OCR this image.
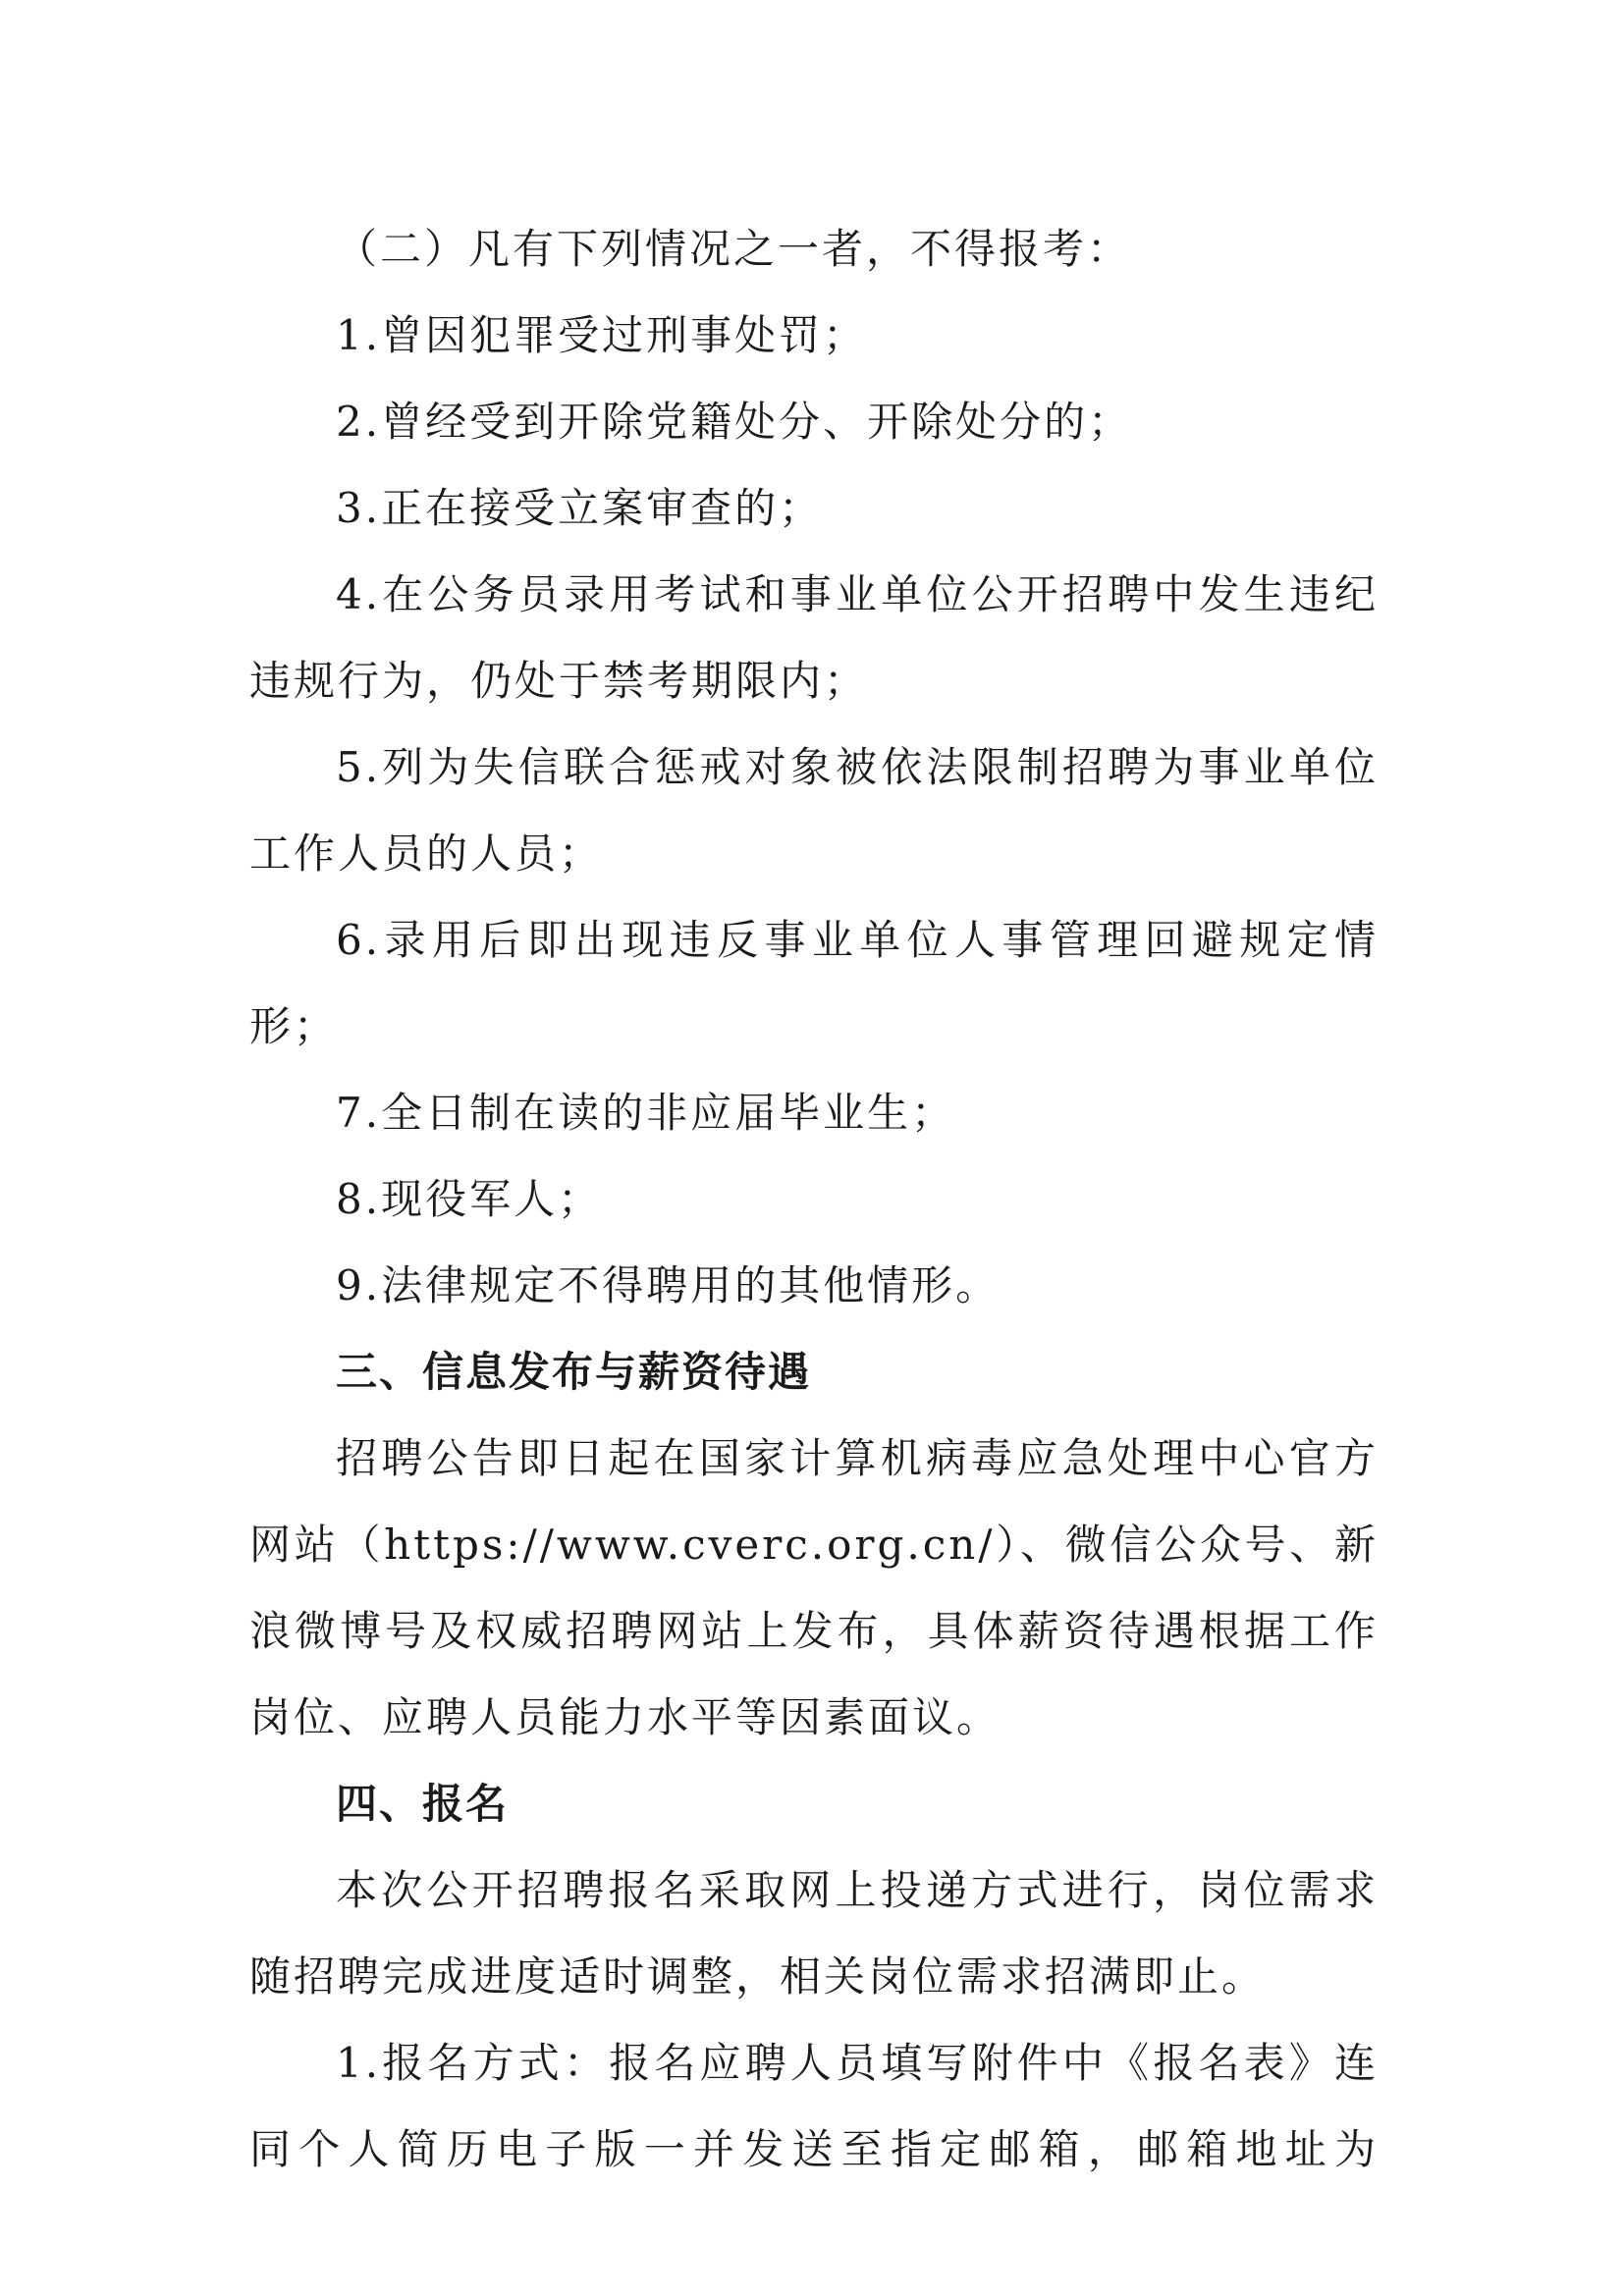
（二）凡有下列情况之一者，不得报考：

1.曾因犯罪受过刑事处罚；

2.曾经受到开除党籍处分、开除处分的；

3.正在接受立案审查的；

4.在公务员录用考试和事业单位公开招聘中发生违纪违规行为，仍处于禁考期限内；

5.列为失信联合惩戒对象被依法限制招聘为事业单位工作人员的人员；

6.录用后即出现违反事业单位人事管理回避规定情形；

7.全日制在读的非应届毕业生；

8.现役军人；

9.法律规定不得聘用的其他情形。

三、信息发布与薪资待遇

招聘公告即日起在国家计算机病毒应急处理中心官方网站（https://www.cverc.org.cn/）、微信公众号、新浪微博号及权威招聘网站上发布，具体薪资待遇根据工作岗位、应聘人员能力水平等因素面议。

四、报名

本次公开招聘报名采取网上投递方式进行，岗位需求随招聘完成进度适时调整，相关岗位需求招满即止。

1.报名方式：报名应聘人员填写附件中《报名表》连同个人简历电子版一并发送至指定邮箱，邮箱地址为
